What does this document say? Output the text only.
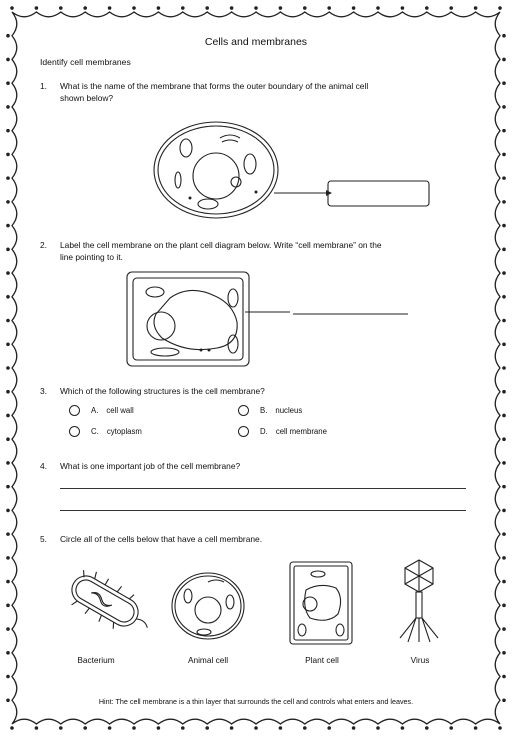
Cells and membranes
Identify cell membranes
1. What is the name of the membrane that forms the outer boundary of the animal cell shown below?
2. Label the cell membrane on the plant cell diagram below. Write “cell membrane” on the line pointing to it.
3. Which of the following structures is the cell membrane?
A. cell wall	B. nucleus
C. cytoplasm	D. cell membrane
4. What is one important job of the cell membrane?
5. Circle all of the cells below that have a cell membrane.
Bacterium	Animal cell	Plant cell	Virus
Hint: The cell membrane is a thin layer that surrounds the cell and controls what enters and leaves.
